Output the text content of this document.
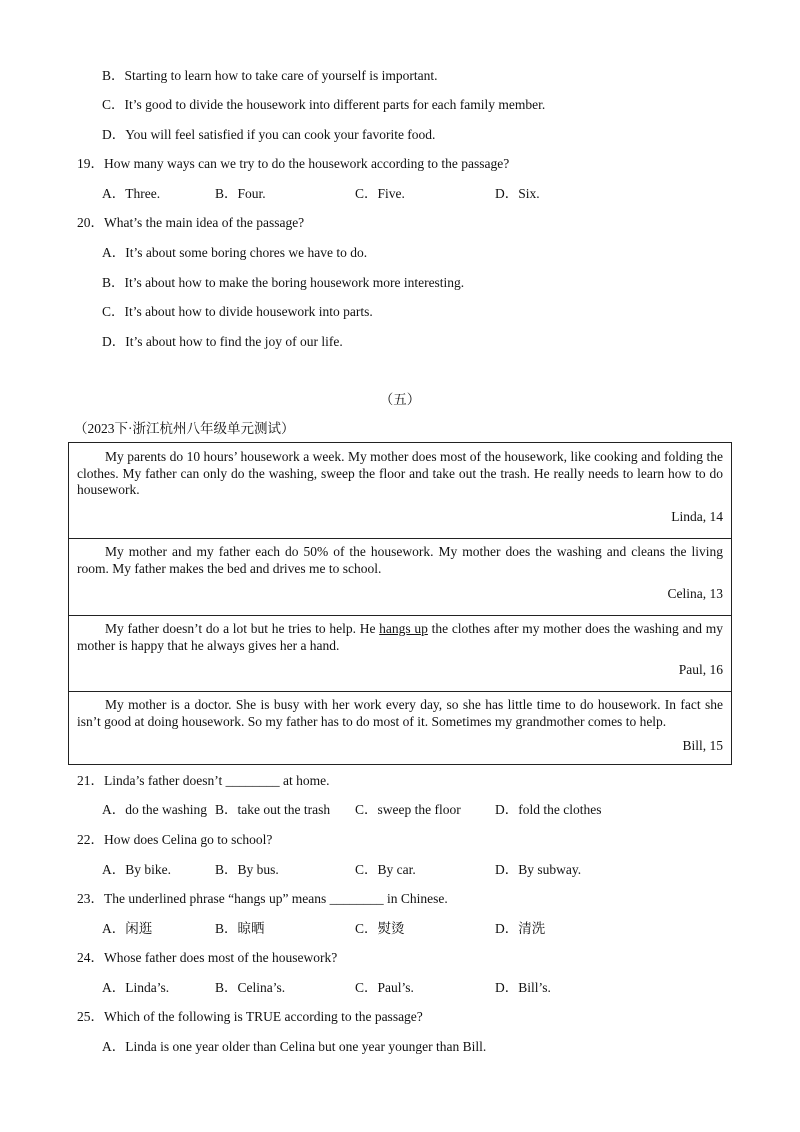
B．Starting to learn how to take care of yourself is important.
C．It’s good to divide the housework into different parts for each family member.
D．You will feel satisfied if you can cook your favorite food.
19．How many ways can we try to do the housework according to the passage?
A．Three.	B．Four.	C．Five.	D．Six.
20．What’s the main idea of the passage?
A．It’s about some boring chores we have to do.
B．It’s about how to make the boring housework more interesting.
C．It’s about how to divide housework into parts.
D．It’s about how to find the joy of our life.
（五）
（2023下·浙江杭州八年级单元测试）

My parents do 10 hours’ housework a week. My mother does most of the housework, like cooking and folding the clothes. My father can only do the washing, sweep the floor and take out the trash. He really needs to learn how to do housework.

Linda, 14

My mother and my father each do 50% of the housework. My mother does the washing and cleans the living room. My father makes the bed and drives me to school.

Celina, 13

My father doesn’t do a lot but he tries to help. He hangs up the clothes after my mother does the washing and my mother is happy that he always gives her a hand.

Paul, 16

My mother is a doctor. She is busy with her work every day, so she has little time to do housework. In fact she isn’t good at doing housework. So my father has to do most of it. Sometimes my grandmother comes to help.

Bill, 15
21．Linda’s father doesn’t ________ at home.
A．do the washing B．take out the trash C．sweep the floor	D．fold the clothes
22．How does Celina go to school?
A．By bike.	B．By bus.	C．By car.	D．By subway.
23．The underlined phrase “hangs up” means ________ in Chinese.
A．闲逛	B．晾晒	C．熨烫	D．清洗
24．Whose father does most of the housework?
A．Linda’s.	B．Celina’s.	C．Paul’s.	D．Bill’s.
25．Which of the following is TRUE according to the passage?
A．Linda is one year older than Celina but one year younger than Bill.
